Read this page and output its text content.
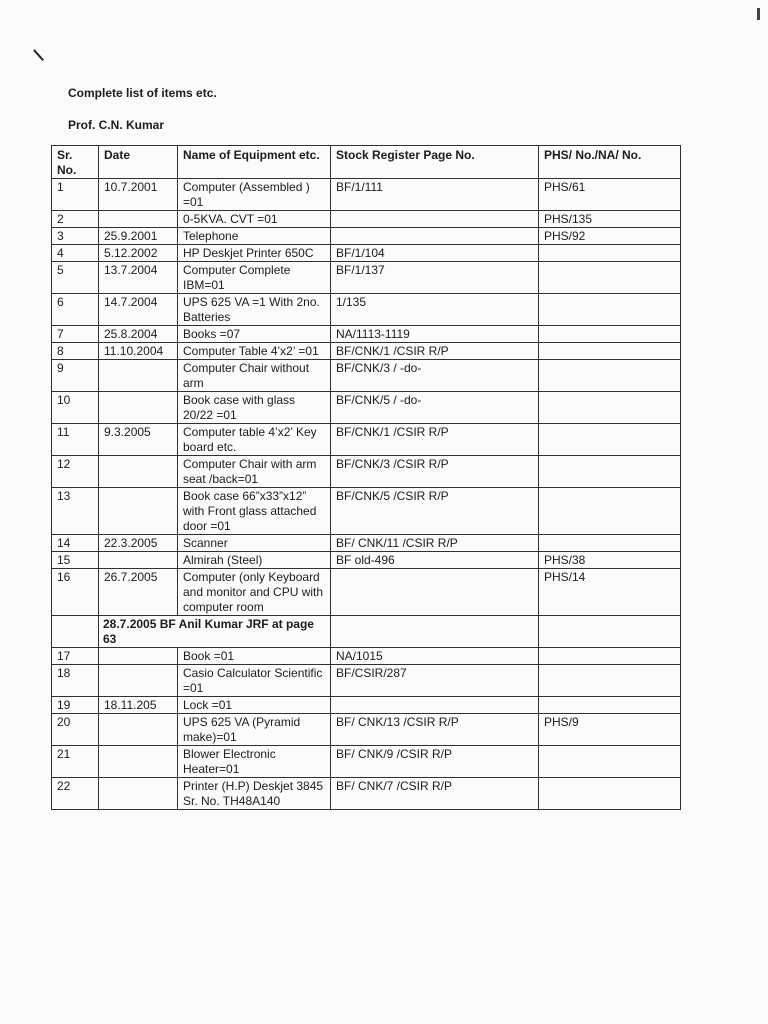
Complete list of items etc.

Prof. C.N. Kumar

Sr. No.	Date	Name of Equipment etc.	Stock Register Page No.	PHS/ No./NA/ No.
1	10.7.2001	Computer (Assembled ) =01	BF/1/111	PHS/61
2		0-5KVA. CVT =01		PHS/135
3	25.9.2001	Telephone		PHS/92
4	5.12.2002	HP Deskjet Printer 650C	BF/1/104	
5	13.7.2004	Computer Complete IBM=01	BF/1/137	
6	14.7.2004	UPS 625 VA =1 With 2no. Batteries	1/135	
7	25.8.2004	Books =07	NA/1113-1119	
8	11.10.2004	Computer Table 4’x2’ =01	BF/CNK/1 /CSIR R/P	
9		Computer Chair without arm	BF/CNK/3 / -do-	
10		Book case with glass 20/22 =01	BF/CNK/5 / -do-	
11	9.3.2005	Computer table 4’x2’ Key board etc.	BF/CNK/1 /CSIR R/P	
12		Computer Chair with arm seat /back=01	BF/CNK/3 /CSIR R/P	
13		Book case 66”x33”x12” with Front glass attached door =01	BF/CNK/5 /CSIR R/P	
14	22.3.2005	Scanner	BF/ CNK/11 /CSIR R/P	
15		Almirah (Steel)	BF old-496	PHS/38
16	26.7.2005	Computer (only Keyboard and monitor and CPU with computer room		PHS/14
	28.7.2005 BF Anil Kumar JRF at page 63			
17		Book =01	NA/1015	
18		Casio Calculator Scientific =01	BF/CSIR/287	
19	18.11.205	Lock =01		
20		UPS 625 VA (Pyramid make)=01	BF/ CNK/13 /CSIR R/P	PHS/9
21		Blower Electronic Heater=01	BF/ CNK/9 /CSIR R/P	
22		Printer (H.P) Deskjet 3845 Sr. No. TH48A140	BF/ CNK/7 /CSIR R/P	
